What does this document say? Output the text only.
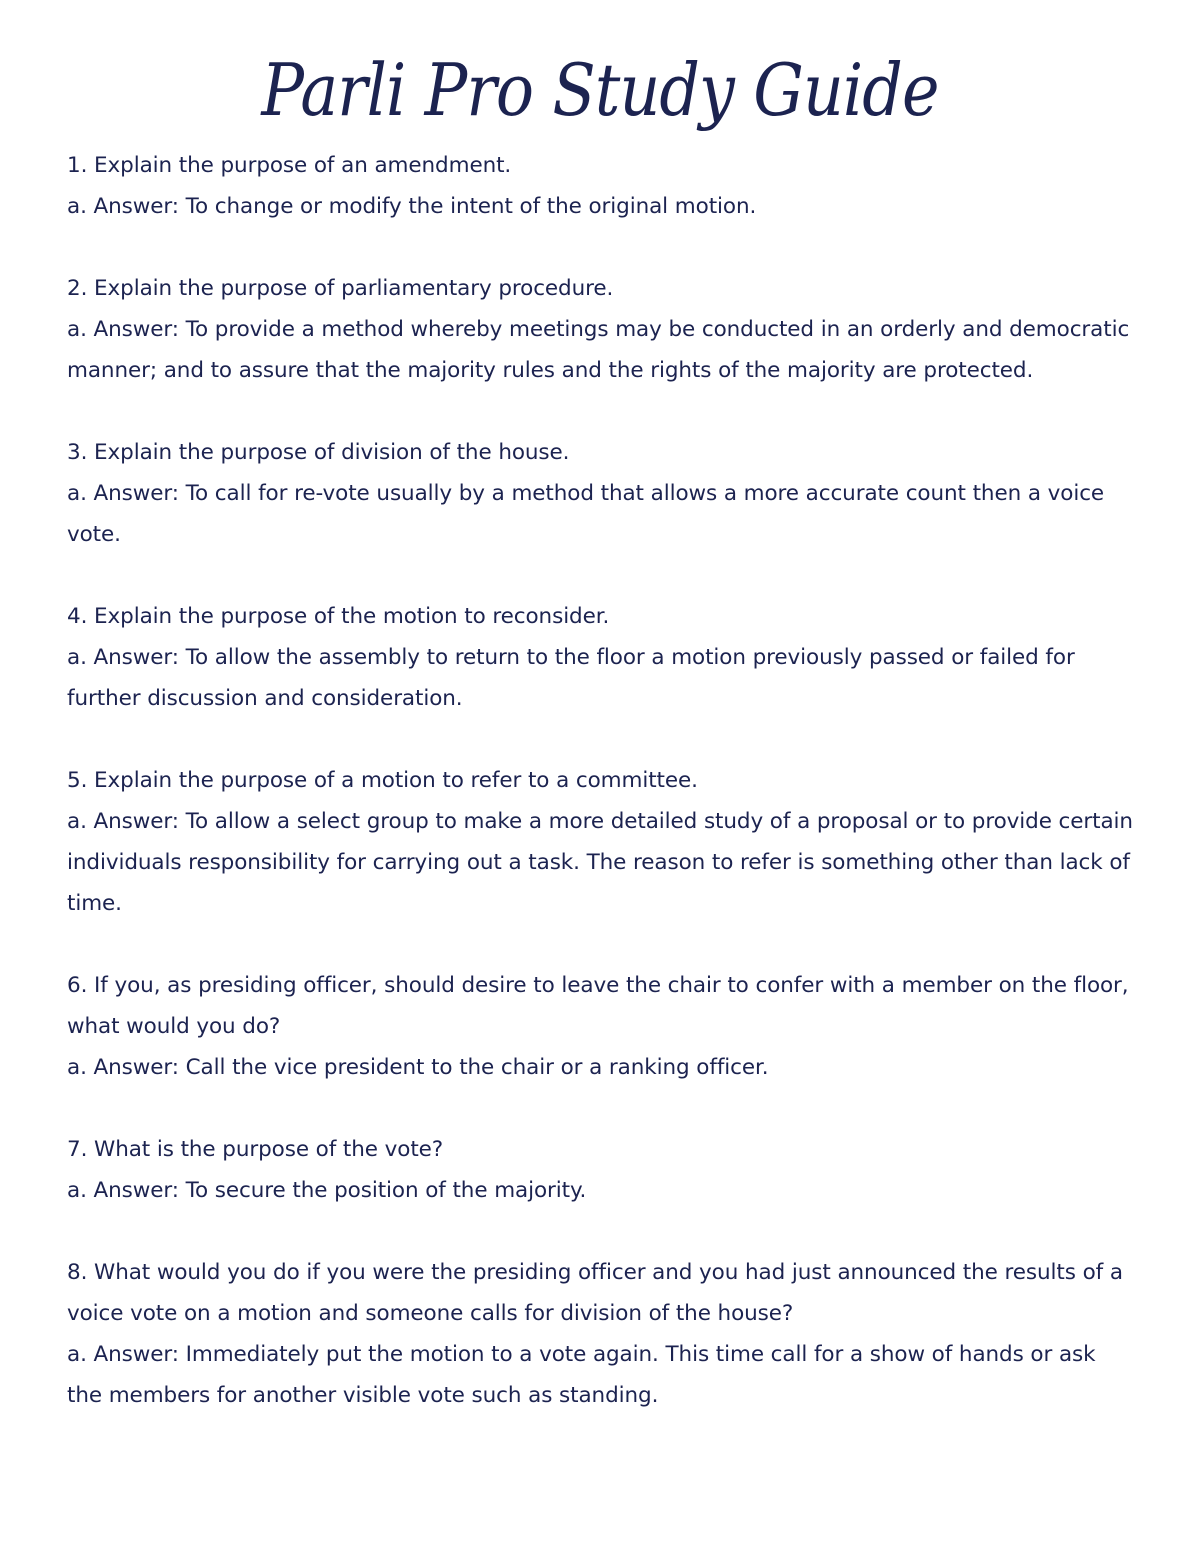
Parli Pro Study Guide

1. Explain the purpose of an amendment.

a. Answer: To change or modify the intent of the original motion.

2. Explain the purpose of parliamentary procedure.

a. Answer: To provide a method whereby meetings may be conducted in an orderly and democratic manner; and to assure that the majority rules and the rights of the majority are protected.

3. Explain the purpose of division of the house.

a. Answer: To call for re-vote usually by a method that allows a more accurate count then a voice vote.

4. Explain the purpose of the motion to reconsider.

a. Answer: To allow the assembly to return to the floor a motion previously passed or failed for further discussion and consideration.

5. Explain the purpose of a motion to refer to a committee.

a. Answer: To allow a select group to make a more detailed study of a proposal or to provide certain individuals responsibility for carrying out a task. The reason to refer is something other than lack of time.

6. If you, as presiding officer, should desire to leave the chair to confer with a member on the floor, what would you do?

a. Answer: Call the vice president to the chair or a ranking officer.

7. What is the purpose of the vote?

a. Answer: To secure the position of the majority.

8. What would you do if you were the presiding officer and you had just announced the results of a voice vote on a motion and someone calls for division of the house?

a. Answer: Immediately put the motion to a vote again. This time call for a show of hands or ask the members for another visible vote such as standing.
